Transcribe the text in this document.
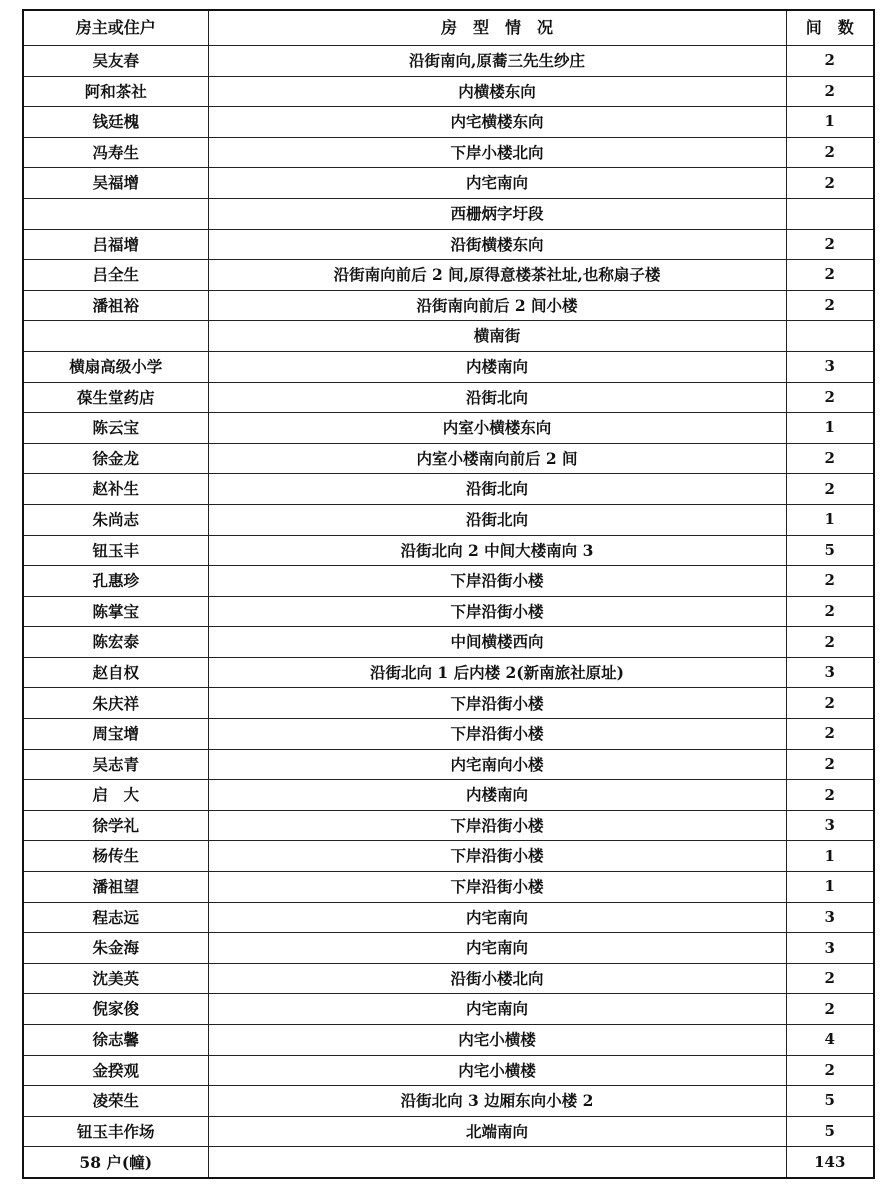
房主或住户	房　型　情　况	间　数
吴友春	沿街南向,原蕎三先生纱庄	2
阿和茶社	内横楼东向	2
钱廷槐	内宅横楼东向	1
冯寿生	下岸小楼北向	2
吴福增	内宅南向	2
	西栅炳字圩段	
吕福增	沿街横楼东向	2
吕全生	沿街南向前后 2 间,原得意楼茶社址,也称扇子楼	2
潘祖裕	沿街南向前后 2 间小楼	2
	横南街	
横扇高级小学	内楼南向	3
葆生堂药店	沿街北向	2
陈云宝	内室小横楼东向	1
徐金龙	内室小楼南向前后 2 间	2
赵补生	沿街北向	2
朱尚志	沿街北向	1
钮玉丰	沿街北向 2 中间大楼南向 3	5
孔惠珍	下岸沿街小楼	2
陈掌宝	下岸沿街小楼	2
陈宏泰	中间横楼西向	2
赵自权	沿街北向 1 后内楼 2(新南旅社原址)	3
朱庆祥	下岸沿街小楼	2
周宝增	下岸沿街小楼	2
吴志青	内宅南向小楼	2
启　大	内楼南向	2
徐学礼	下岸沿街小楼	3
杨传生	下岸沿街小楼	1
潘祖望	下岸沿街小楼	1
程志远	内宅南向	3
朱金海	内宅南向	3
沈美英	沿街小楼北向	2
倪家俊	内宅南向	2
徐志馨	内宅小横楼	4
金揆观	内宅小横楼	2
凌荣生	沿街北向 3 边厢东向小楼 2	5
钮玉丰作场	北端南向	5
58 户(幢)		143
